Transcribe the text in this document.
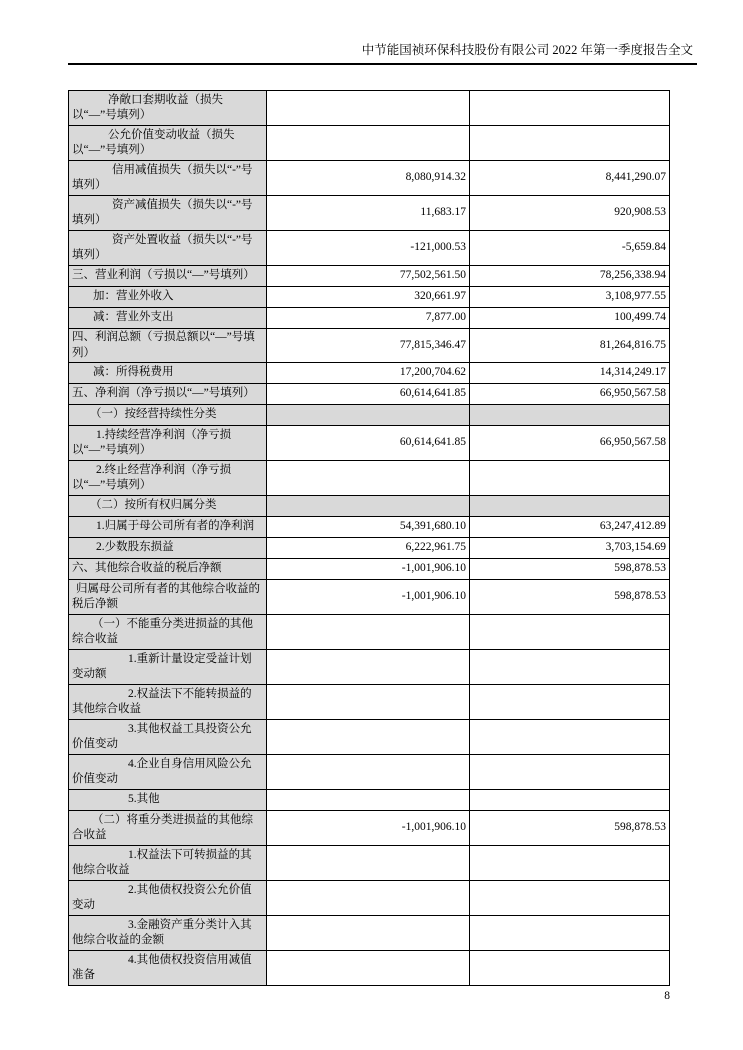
中节能国祯环保科技股份有限公司 2022 年第一季度报告全文
净敞口套期收益（损失以“—”号填列）		
公允价值变动收益（损失以“—”号填列）		
信用减值损失（损失以“-”号填列）	8,080,914.32	8,441,290.07
资产减值损失（损失以“-”号填列）	11,683.17	920,908.53
资产处置收益（损失以“-”号填列）	-121,000.53	-5,659.84
三、营业利润（亏损以“—”号填列）	77,502,561.50	78,256,338.94
加：营业外收入	320,661.97	3,108,977.55
减：营业外支出	7,877.00	100,499.74
四、利润总额（亏损总额以“—”号填列）	77,815,346.47	81,264,816.75
减：所得税费用	17,200,704.62	14,314,249.17
五、净利润（净亏损以“—”号填列）	60,614,641.85	66,950,567.58
（一）按经营持续性分类		
1.持续经营净利润（净亏损以“—”号填列）	60,614,641.85	66,950,567.58
2.终止经营净利润（净亏损以“—”号填列）		
（二）按所有权归属分类		
1.归属于母公司所有者的净利润	54,391,680.10	63,247,412.89
2.少数股东损益	6,222,961.75	3,703,154.69
六、其他综合收益的税后净额	-1,001,906.10	598,878.53
归属母公司所有者的其他综合收益的税后净额	-1,001,906.10	598,878.53
（一）不能重分类进损益的其他综合收益		
1.重新计量设定受益计划变动额		
2.权益法下不能转损益的其他综合收益		
3.其他权益工具投资公允价值变动		
4.企业自身信用风险公允价值变动		
5.其他		
（二）将重分类进损益的其他综合收益	-1,001,906.10	598,878.53
1.权益法下可转损益的其他综合收益		
2.其他债权投资公允价值变动		
3.金融资产重分类计入其他综合收益的金额		
4.其他债权投资信用减值准备		
8
